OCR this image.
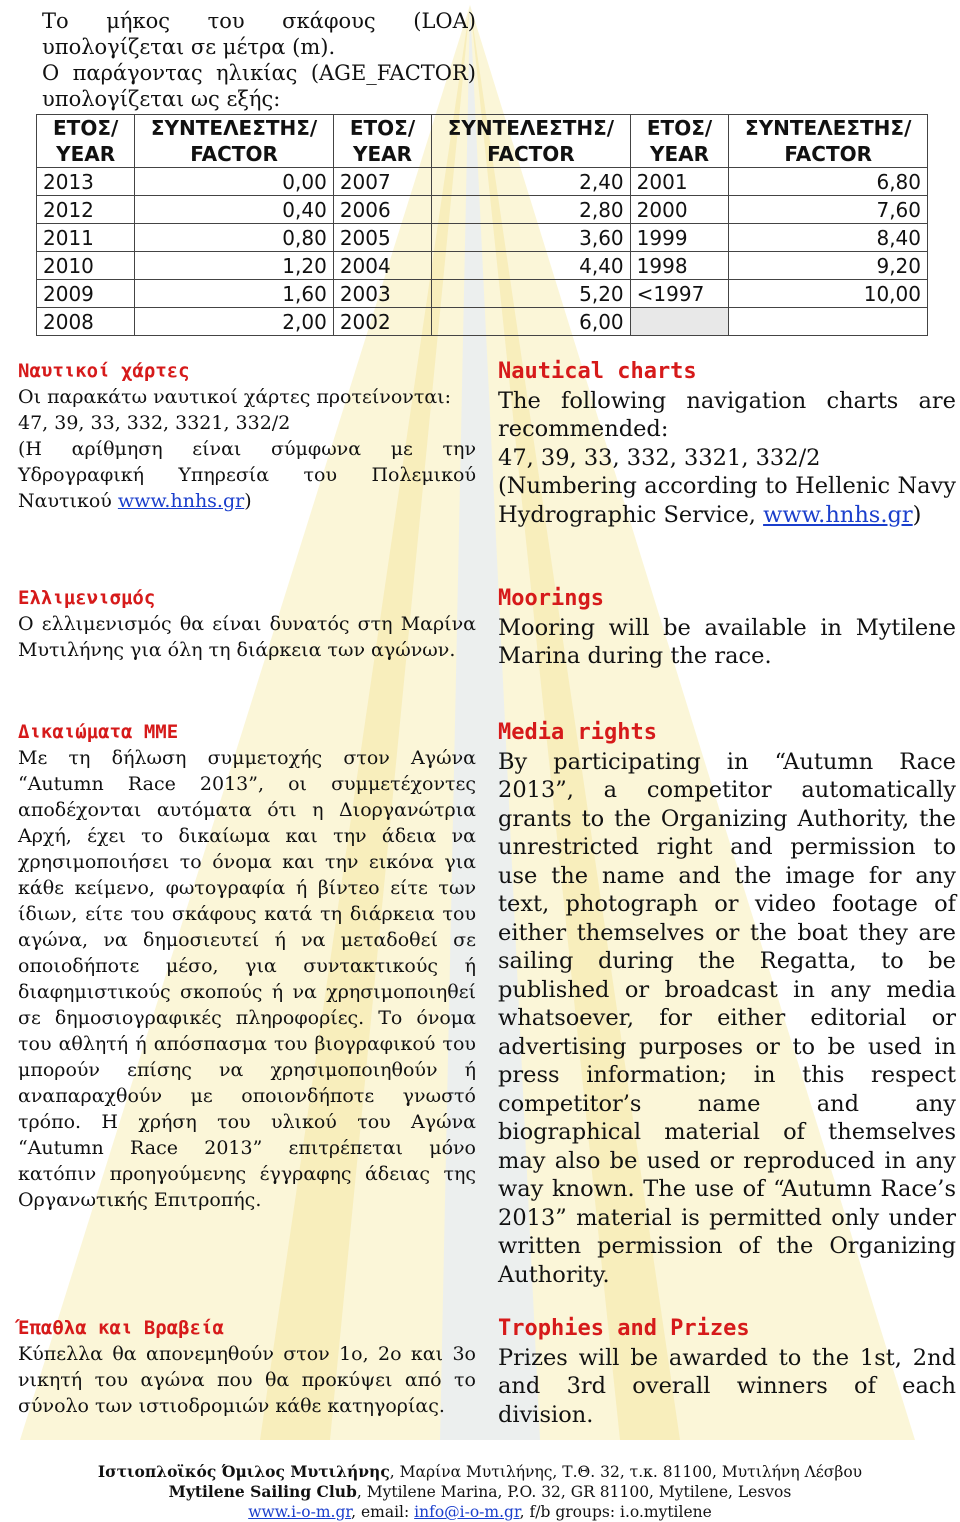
Το μήκος του σκάφους (LOA) υπολογίζεται σε μέτρα (m).

Ο παράγοντας ηλικίας (AGE_FACTOR) υπολογίζεται ως εξής:

ΕΤΟΣ/ YEAR	ΣΥΝΤΕΛΕΣΤΗΣ/ FACTOR	ΕΤΟΣ/ YEAR	ΣΥΝΤΕΛΕΣΤΗΣ/ FACTOR	ΕΤΟΣ/ YEAR	ΣΥΝΤΕΛΕΣΤΗΣ/ FACTOR
2013	0,00	2007	2,40	2001	6,80
2012	0,40	2006	2,80	2000	7,60
2011	0,80	2005	3,60	1999	8,40
2010	1,20	2004	4,40	1998	9,20
2009	1,60	2003	5,20	<1997	10,00
2008	2,00	2002	6,00		

Ναυτικοί χάρτες

Οι παρακάτω ναυτικοί χάρτες προτείνονται:
47, 39, 33, 332, 3321, 332/2
(Η αρίθμηση είναι σύμφωνα με την Υδρογραφική Υπηρεσία του Πολεμικού Ναυτικού www.hnhs.gr)

Nautical charts

The following navigation charts are recommended:
47, 39, 33, 332, 3321, 332/2
(Numbering according to Hellenic Navy Hydrographic Service, www.hnhs.gr)

Ελλιμενισμός

Ο ελλιμενισμός θα είναι δυνατός στη Μαρίνα Μυτιλήνης για όλη τη διάρκεια των αγώνων.

Moorings

Mooring will be available in Mytilene Marina during the race.

Δικαιώματα ΜΜΕ

Με τη δήλωση συμμετοχής στον Αγώνα “Autumn Race 2013”, οι συμμετέχοντες αποδέχονται αυτόματα ότι η Διοργανώτρια Αρχή, έχει το δικαίωμα και την άδεια να χρησιμοποιήσει το όνομα και την εικόνα για κάθε κείμενο, φωτογραφία ή βίντεο είτε των ίδιων, είτε του σκάφους κατά τη διάρκεια του αγώνα, να δημοσιευτεί ή να μεταδοθεί σε οποιοδήποτε μέσο, για συντακτικούς ή διαφημιστικούς σκοπούς ή να χρησιμοποιηθεί σε δημοσιογραφικές πληροφορίες. Το όνομα του αθλητή ή απόσπασμα του βιογραφικού του μπορούν επίσης να χρησιμοποιηθούν ή αναπαραχθούν με οποιονδήποτε γνωστό τρόπο. Η χρήση του υλικού του Αγώνα “Autumn Race 2013” επιτρέπεται μόνο κατόπιν προηγούμενης έγγραφης άδειας της Οργανωτικής Επιτροπής.

Media rights

By participating in “Autumn Race 2013”, a competitor automatically grants to the Organizing Authority, the unrestricted right and permission to use the name and the image for any text, photograph or video footage of either themselves or the boat they are sailing during the Regatta, to be published or broadcast in any media whatsoever, for either editorial or advertising purposes or to be used in press information; in this respect competitor’s name and any biographical material of themselves may also be used or reproduced in any way known. The use of “Autumn Race’s 2013” material is permitted only under written permission of the Organizing Authority.

Έπαθλα και Βραβεία

Κύπελλα θα απονεμηθούν στον 1ο, 2ο και 3ο νικητή του αγώνα που θα προκύψει από το σύνολο των ιστιοδρομιών κάθε κατηγορίας.

Trophies and Prizes

Prizes will be awarded to the 1st, 2nd and 3rd overall winners of each division.

Ιστιοπλοϊκός Όμιλος Μυτιλήνης, Μαρίνα Μυτιλήνης, Τ.Θ. 32, τ.κ. 81100, Μυτιλήνη Λέσβου
Mytilene Sailing Club, Mytilene Marina, P.O. 32, GR 81100, Mytilene, Lesvos
www.i-o-m.gr, email: info@i-o-m.gr, f/b groups: i.o.mytilene
